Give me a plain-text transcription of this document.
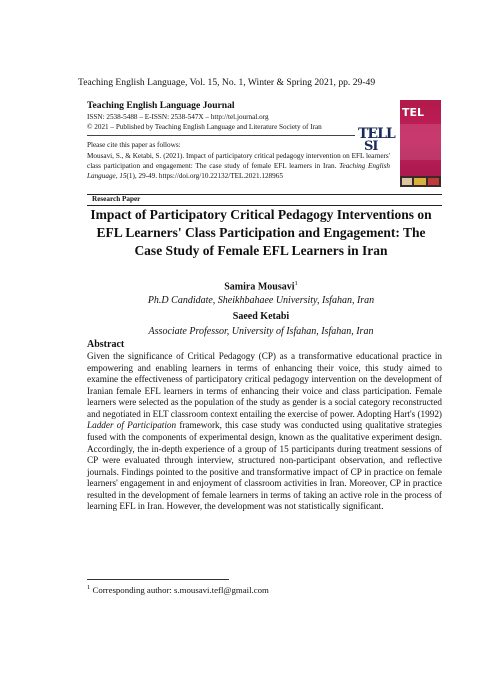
Teaching English Language, Vol. 15, No. 1, Winter & Spring 2021, pp. 29-49
Teaching English Language Journal
ISSN: 2538-5488 – E-ISSN: 2538-547X – http://tel.journal.org
© 2021 – Published by Teaching English Language and Literature Society of Iran	TELL
SI
TEL
Please cite this paper as follows:
Mousavi, S., & Ketabi, S. (2021). Impact of participatory critical pedagogy intervention on EFL learners' class participation and engagement: The case study of female EFL learners in Iran. Teaching English Language, 15(1), 29-49. https://doi.org/10.22132/TEL.2021.128965
Research Paper
Impact of Participatory Critical Pedagogy Interventions on EFL Learners' Class Participation and Engagement: The Case Study of Female EFL Learners in Iran
Samira Mousavi$^1$
Ph.D Candidate, Sheikhbahaee University, Isfahan, Iran
Saeed Ketabi
Associate Professor, University of Isfahan, Isfahan, Iran
Abstract
Given the significance of Critical Pedagogy (CP) as a transformative educational practice in empowering and enabling learners in terms of enhancing their voice, this study aimed to examine the effectiveness of participatory critical pedagogy intervention on the development of Iranian female EFL learners in terms of enhancing their voice and class participation. Female learners were selected as the population of the study as gender is a social category reconstructed and negotiated in ELT classroom context entailing the exercise of power. Adopting Hart's (1992) Ladder of Participation framework, this case study was conducted using qualitative strategies fused with the components of experimental design, known as the qualitative experiment design. Accordingly, the in-depth experience of a group of 15 participants during treatment sessions of CP were evaluated through interview, structured non-participant observation, and reflective journals. Findings pointed to the positive and transformative impact of CP in practice on female learners' engagement in and enjoyment of classroom activities in Iran. Moreover, CP in practice resulted in the development of female learners in terms of taking an active role in the process of learning EFL in Iran. However, the development was not statistically significant.
$^1$ Corresponding author: s.mousavi.tefl@gmail.com
